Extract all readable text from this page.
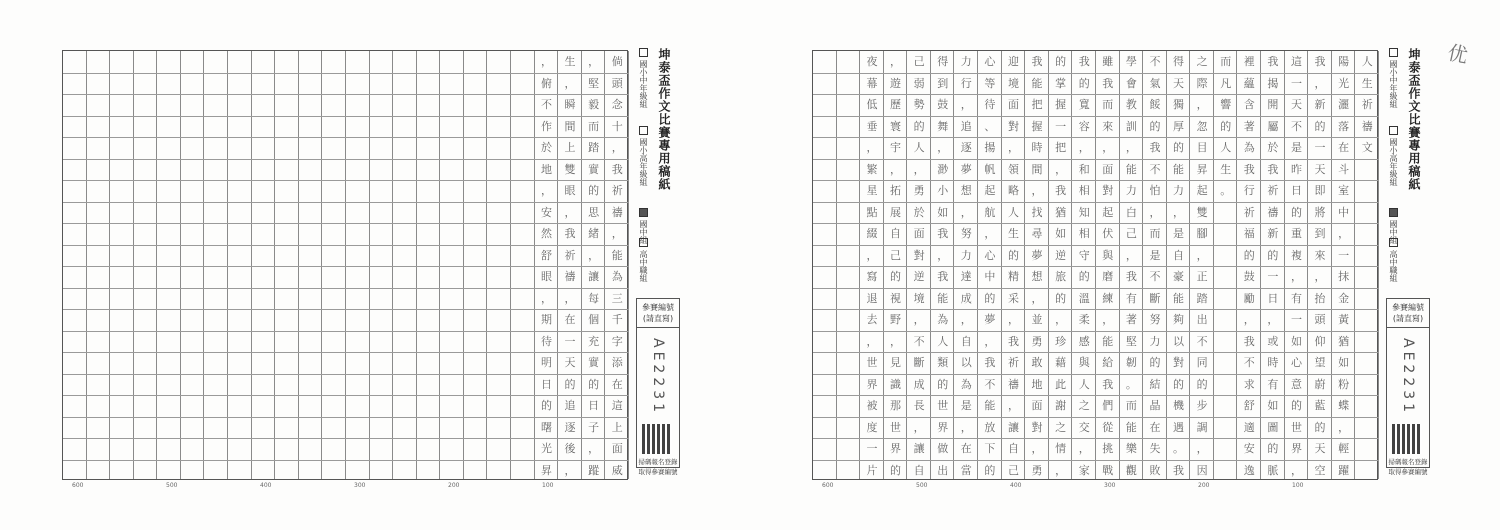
倘
頭
念
十
，
我
祈
禱
，
能
為
三
千
字
添
在
這
上
面
威
，
堅
毅
而
踏
實
的
思
緒
，
讓
每
個
充
實
的
日
子
，
蹤
生
，
瞬
間
上
雙
眼
，
我
祈
禱
，
在
一
天
的
追
逐
後
，
，
俯
不
作
於
地
，
安
然
舒
眼
，
期
待
明
日
的
曙
光
昇
坤泰盃作文比賽專用稿紙
國小中年級組
國小高年級組
國中組
高中職組
參賽編號
(請直寫)
AE2231
掃碼報名登錄
取得參賽編號
600	500	400	300	200	100
人
生
祈
禱
文
陽
光
灑
落
在
斗
室
中
，
一
抹
金
黃
猶
如
粉
蝶
，
輕
躍
我
，
新
的
一
天
即
將
到
來
，
抬
頭
仰
望
蔚
藍
的
天
空
這
一
天
不
是
昨
日
的
重
複
，
有
一
如
心
意
的
世
界
，
我
揭
開
屬
於
我
祈
禱
新
的
一
日
，
或
時
有
如
圖
的
脈
裡
蘊
含
著
為
我
行
祈
福
的
鼓
勵
，
我
不
求
舒
適
安
逸
而
凡
響
的
人
生
。
之
際
，
忽
目
昇
起
雙
腳
，
正
踏
出
不
同
的
步
調
，
因
得
天
獨
厚
的
能
力
，
是
自
豪
能
夠
以
對
的
機
遇
。
我
不
氣
餒
的
我
不
怕
，
而
是
不
斷
努
力
的
結
晶
在
失
敗
學
會
教
訓
，
能
力
白
己
，
我
有
著
堅
韌
。
而
能
樂
觀
雖
我
而
來
，
面
對
起
伏
與
磨
練
，
能
給
我
們
從
挑
戰
我
的
寬
容
，
和
相
知
相
守
的
溫
柔
感
與
人
之
交
，
家
的
掌
握
一
把
，
我
猶
如
逆
旅
的
，
珍
藉
此
謝
之
情
，
我
能
把
握
時
間
，
找
尋
夢
想
，
並
勇
敢
地
面
對
，
勇
迎
境
面
對
，
領
略
人
生
的
精
采
，
我
祈
禱
，
讓
自
己
心
等
待
、
揚
帆
起
航
，
心
中
的
夢
，
我
不
能
放
下
的
力
行
，
追
逐
夢
想
，
努
力
達
成
，
自
以
為
是
，
在
當
得
到
鼓
舞
，
渺
小
如
我
，
我
能
為
人
類
的
世
界
做
出
己
弱
勢
的
人
，
勇
於
面
對
逆
境
，
不
斷
成
長
，
讓
自
，
遊
歷
寰
宇
，
拓
展
自
己
的
視
野
，
見
識
那
世
界
的
夜
幕
低
垂
，
繁
星
點
綴
，
寫
退
去
，
世
界
被
度
一
片
坤泰盃作文比賽專用稿紙
國小中年級組
國小高年級組
國中組
高中職組
參賽編號
(請直寫)
AE2231
掃碼報名登錄
取得參賽編號
600	500	400	300	200	100
优
